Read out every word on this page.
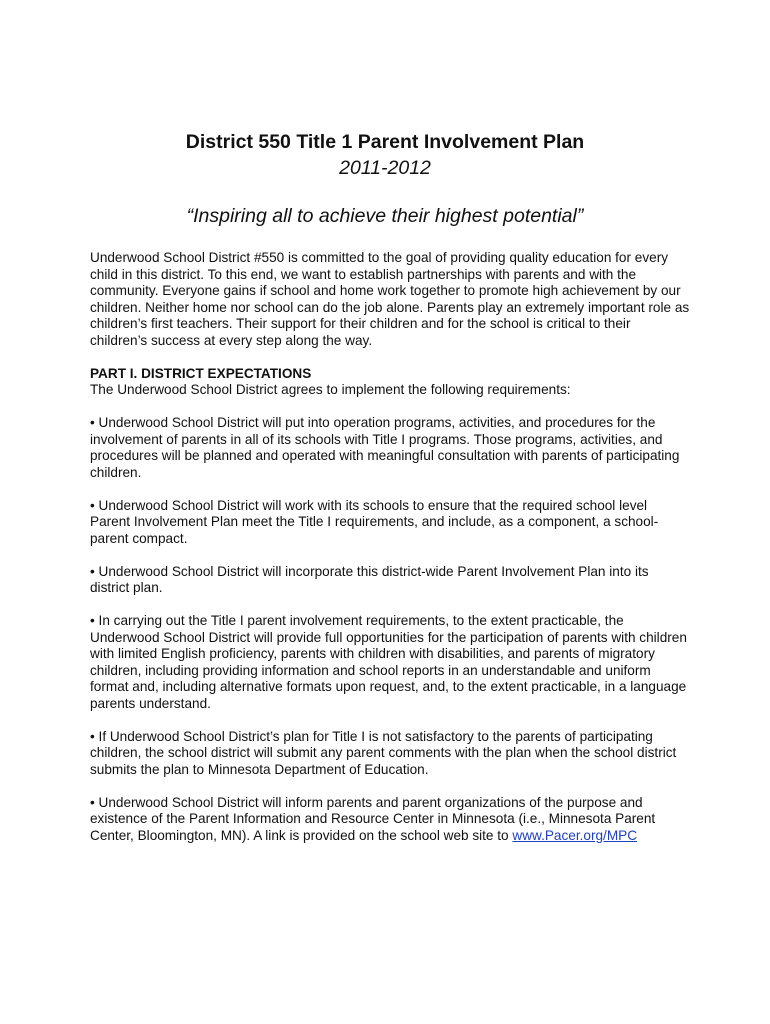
District 550 Title 1 Parent Involvement Plan
2011-2012
“Inspiring all to achieve their highest potential”

Underwood School District #550 is committed to the goal of providing quality education for every child in this district. To this end, we want to establish partnerships with parents and with the community. Everyone gains if school and home work together to promote high achievement by our children. Neither home nor school can do the job alone. Parents play an extremely important role as children’s first teachers. Their support for their children and for the school is critical to their children’s success at every step along the way.

PART I. DISTRICT EXPECTATIONS

The Underwood School District agrees to implement the following requirements:

• Underwood School District will put into operation programs, activities, and procedures for the involvement of parents in all of its schools with Title I programs. Those programs, activities, and procedures will be planned and operated with meaningful consultation with parents of participating children.

• Underwood School District will work with its schools to ensure that the required school level Parent Involvement Plan meet the Title I requirements, and include, as a component, a school-parent compact.

• Underwood School District will incorporate this district-wide Parent Involvement Plan into its district plan.

• In carrying out the Title I parent involvement requirements, to the extent practicable, the Underwood School District will provide full opportunities for the participation of parents with children with limited English proficiency, parents with children with disabilities, and parents of migratory children, including providing information and school reports in an understandable and uniform format and, including alternative formats upon request, and, to the extent practicable, in a language parents understand.

• If Underwood School District’s plan for Title I is not satisfactory to the parents of participating children, the school district will submit any parent comments with the plan when the school district submits the plan to Minnesota Department of Education.

• Underwood School District will inform parents and parent organizations of the purpose and existence of the Parent Information and Resource Center in Minnesota (i.e., Minnesota Parent Center, Bloomington, MN). A link is provided on the school web site to www.Pacer.org/MPC
